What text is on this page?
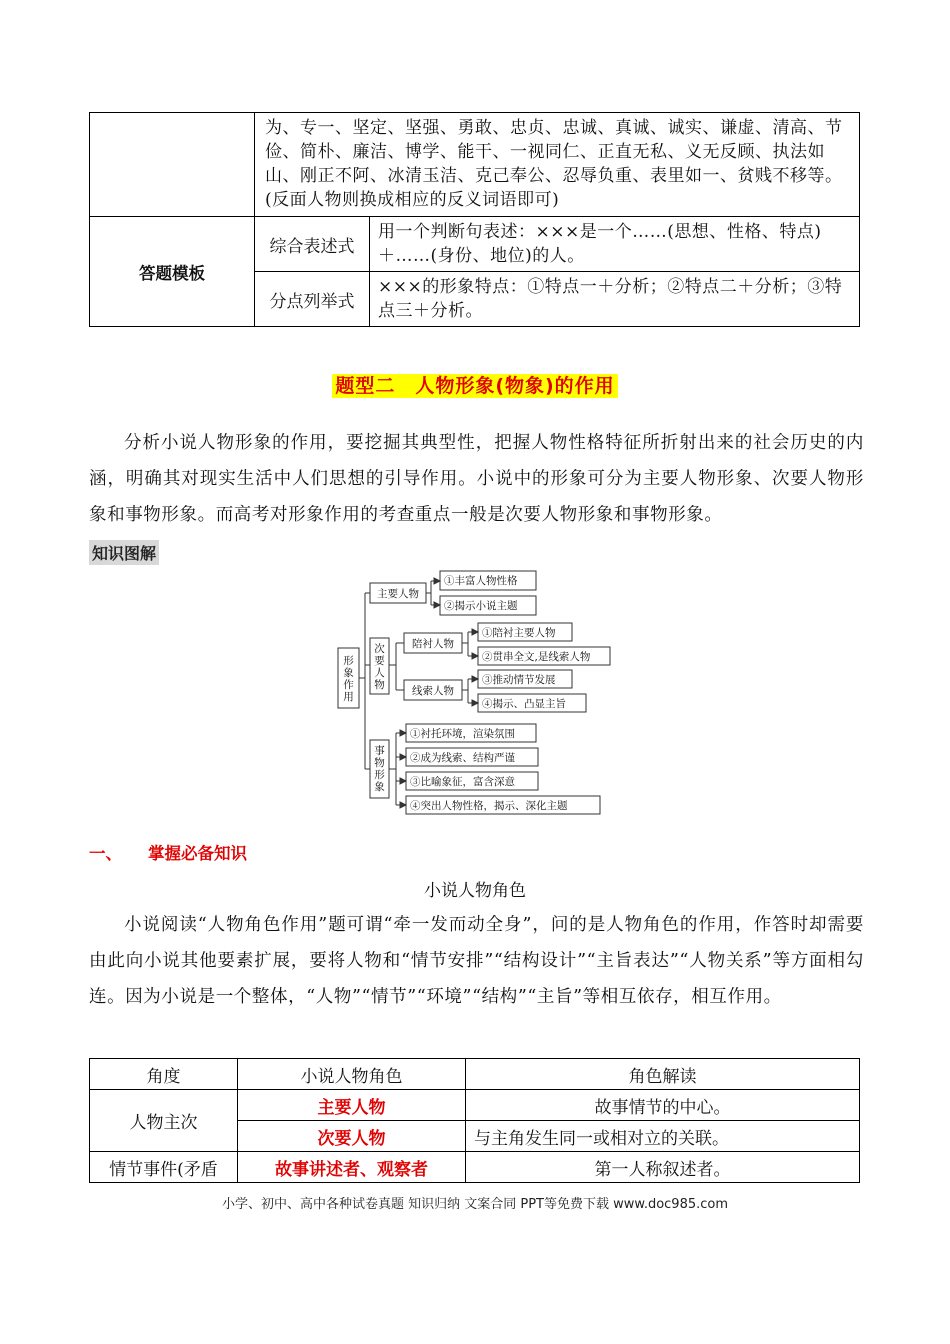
	为、专一、坚定、坚强、勇敢、忠贞、忠诚、真诚、诚实、谦虚、清高、节俭、简朴、廉洁、博学、能干、一视同仁、正直无私、义无反顾、执法如山、刚正不阿、冰清玉洁、克己奉公、忍辱负重、表里如一、贫贱不移等。(反面人物则换成相应的反义词语即可)	
答题模板	综合表述式	用一个判断句表述：×××是一个……(思想、性格、特点)＋……(身份、地位)的人。
	分点列举式	×××的形象特点：①特点一＋分析；②特点二＋分析；③特点三＋分析。
题型二　人物形象(物象)的作用

分析小说人物形象的作用，要挖掘其典型性，把握人物性格特征所折射出来的社会历史的内涵，明确其对现实生活中人们思想的引导作用。小说中的形象可分为主要人物形象、次要人物形象和事物形象。而高考对形象作用的考查重点一般是次要人物形象和事物形象。

知识图解
形
象
作
用
主要人物
①丰富人物性格
②揭示小说主题
次
要
人
物
陪衬人物
线索人物
①陪衬主要人物
②贯串全文,是线索人物
③推动情节发展
④揭示、凸显主旨
事
物
形
象
①衬托环境，渲染氛围
②成为线索、结构严谨
③比喻象征，富含深意
④突出人物性格，揭示、深化主题
一、 掌握必备知识
小说人物角色

小说阅读“人物角色作用”题可谓“牵一发而动全身”，问的是人物角色的作用，作答时却需要由此向小说其他要素扩展，要将人物和“情节安排”“结构设计”“主旨表达”“人物关系”等方面相勾连。因为小说是一个整体，“人物”“情节”“环境”“结构”“主旨”等相互依存，相互作用。

角度	小说人物角色	角色解读
人物主次	主要人物	故事情节的中心。
	次要人物	与主角发生同一或相对立的关联。
情节事件(矛盾	故事讲述者、观察者	第一人称叙述者。
小学、初中、高中各种试卷真题 知识归纳 文案合同 PPT等免费下载 www.doc985.com
